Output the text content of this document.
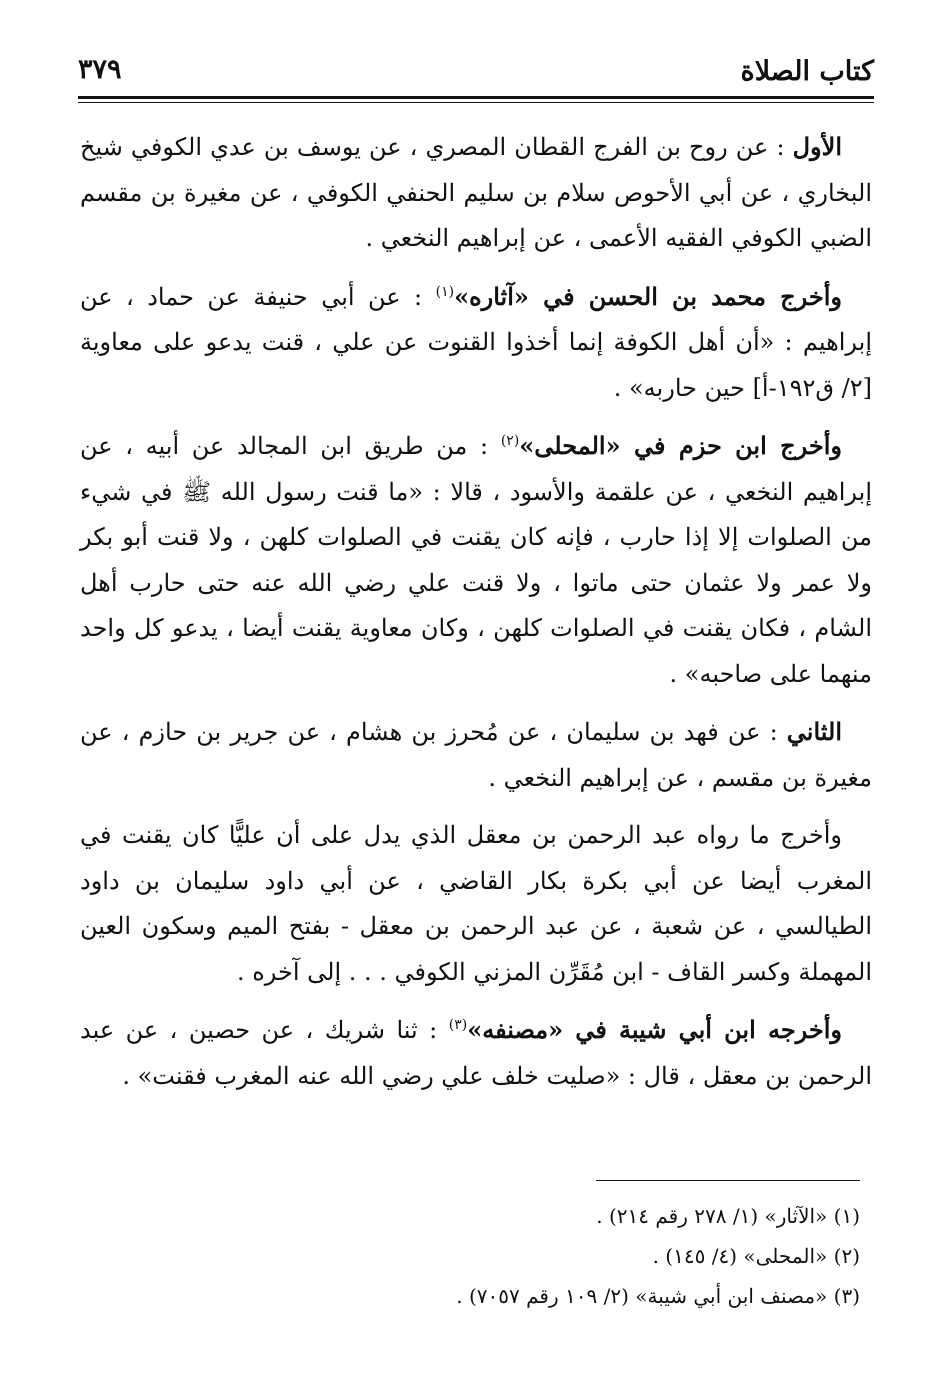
كتاب الصلاة
٣٧٩

الأول : عن روح بن الفرج القطان المصري ، عن يوسف بن عدي الكوفي شيخ البخاري ، عن أبي الأحوص سلام بن سليم الحنفي الكوفي ، عن مغيرة بن مقسم الضبي الكوفي الفقيه الأعمى ، عن إبراهيم النخعي .

وأخرج محمد بن الحسن في «آثاره»$^{(١)}$ : عن أبي حنيفة عن حماد ، عن إبراهيم : «أن أهل الكوفة إنما أخذوا القنوت عن علي ، قنت يدعو على معاوية [٢/ ق١٩٢-أ] حين حاربه» .

وأخرج ابن حزم في «المحلى»$^{(٢)}$ : من طريق ابن المجالد عن أبيه ، عن إبراهيم النخعي ، عن علقمة والأسود ، قالا : «ما قنت رسول الله ﷺ في شيء من الصلوات إلا إذا حارب ، فإنه كان يقنت في الصلوات كلهن ، ولا قنت أبو بكر ولا عمر ولا عثمان حتى ماتوا ، ولا قنت علي رضي الله عنه حتى حارب أهل الشام ، فكان يقنت في الصلوات كلهن ، وكان معاوية يقنت أيضا ، يدعو كل واحد منهما على صاحبه» .

الثاني : عن فهد بن سليمان ، عن مُحرز بن هشام ، عن جرير بن حازم ، عن مغيرة بن مقسم ، عن إبراهيم النخعي .

وأخرج ما رواه عبد الرحمن بن معقل الذي يدل على أن عليًّا كان يقنت في المغرب أيضا عن أبي بكرة بكار القاضي ، عن أبي داود سليمان بن داود الطيالسي ، عن شعبة ، عن عبد الرحمن بن معقل - بفتح الميم وسكون العين المهملة وكسر القاف - ابن مُقَرِّن المزني الكوفي . . . إلى آخره .

وأخرجه ابن أبي شيبة في «مصنفه»$^{(٣)}$ : ثنا شريك ، عن حصين ، عن عبد الرحمن بن معقل ، قال : «صليت خلف علي رضي الله عنه المغرب فقنت» .

(١) «الآثار» (١/ ٢٧٨ رقم ٢١٤) .

(٢) «المحلى» (٤/ ١٤٥) .

(٣) «مصنف ابن أبي شيبة» (٢/ ١٠٩ رقم ٧٠٥٧) .
